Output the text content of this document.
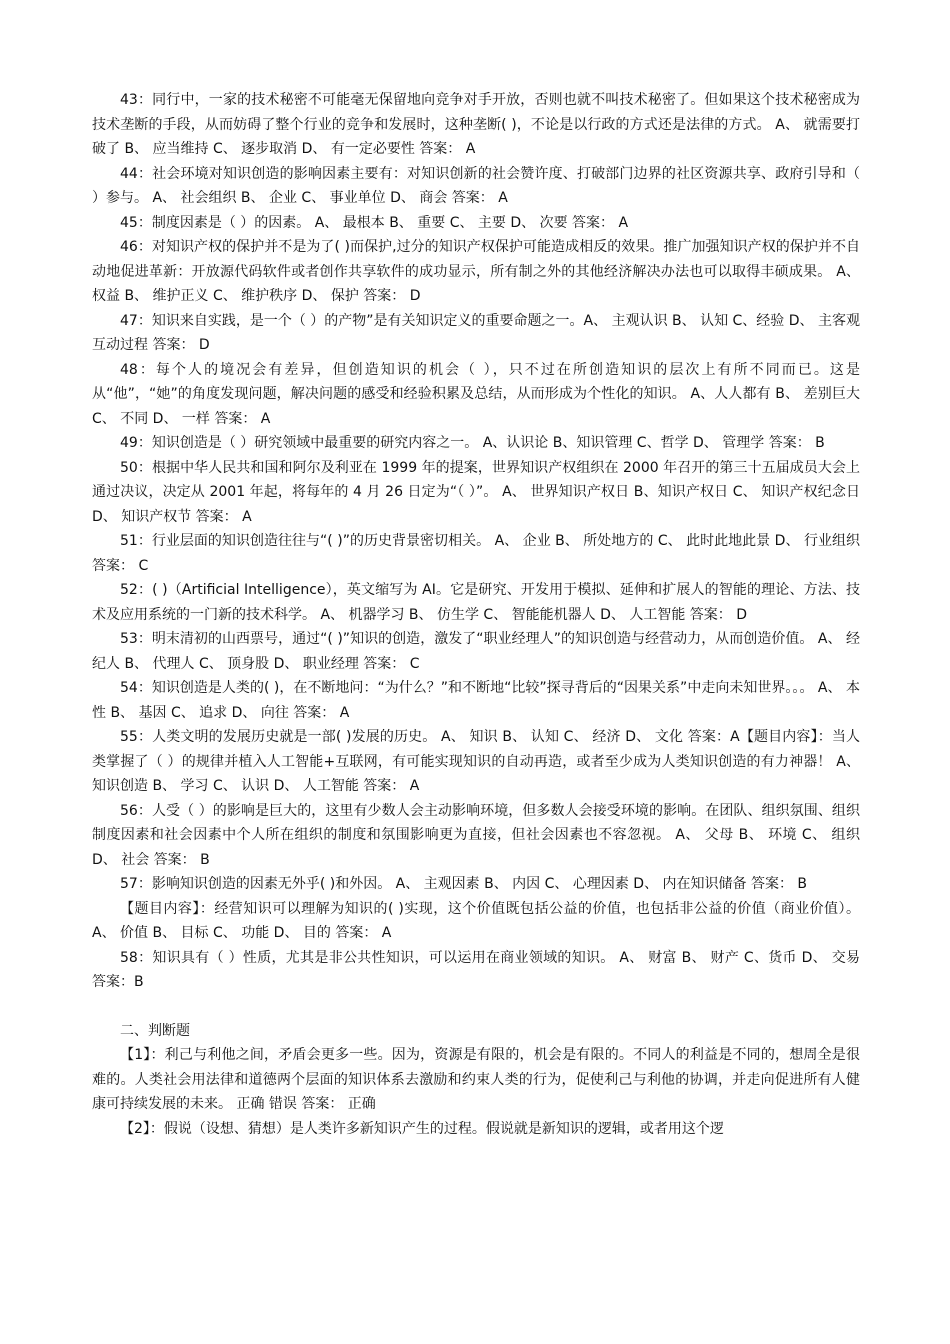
43：同行中，一家的技术秘密不可能毫无保留地向竞争对手开放，否则也就不叫技术秘密了。但如果这个技术秘密成为技术垄断的手段，从而妨碍了整个行业的竞争和发展时，这种垄断( )，不论是以行政的方式还是法律的方式。 A、 就需要打破了 B、 应当维持 C、 逐步取消 D、 有一定必要性 答案： A

44：社会环境对知识创造的影响因素主要有：对知识创新的社会赞许度、打破部门边界的社区资源共享、政府引导和（ ）参与。 A、 社会组织 B、 企业 C、 事业单位 D、 商会 答案： A

45：制度因素是（ ）的因素。 A、 最根本 B、 重要 C、 主要 D、 次要 答案： A

46：对知识产权的保护并不是为了( )而保护,过分的知识产权保护可能造成相反的效果。推广加强知识产权的保护并不自动地促进革新：开放源代码软件或者创作共享软件的成功显示，所有制之外的其他经济解决办法也可以取得丰硕成果。 A、 权益 B、 维护正义 C、 维护秩序 D、 保护 答案： D

47：知识来自实践，是一个（ ）的产物”是有关知识定义的重要命题之一。A、 主观认识 B、 认知 C、经验 D、 主客观互动过程 答案： D

48：每个人的境况会有差异，但创造知识的机会（ ），只不过在所创造知识的层次上有所不同而已。这是从“他”，“她”的角度发现问题，解决问题的感受和经验积累及总结，从而形成为个性化的知识。 A、人人都有 B、 差别巨大 C、 不同 D、 一样 答案： A

49：知识创造是（ ）研究领域中最重要的研究内容之一。 A、认识论 B、知识管理 C、哲学 D、 管理学 答案： B

50：根据中华人民共和国和阿尔及利亚在 1999 年的提案，世界知识产权组织在 2000 年召开的第三十五届成员大会上通过决议，决定从 2001 年起，将每年的 4 月 26 日定为“（ ）”。 A、 世界知识产权日 B、知识产权日 C、 知识产权纪念日 D、 知识产权节 答案： A

51：行业层面的知识创造往往与“( )”的历史背景密切相关。 A、 企业 B、 所处地方的 C、 此时此地此景 D、 行业组织 答案： C

52：( )（Artificial Intelligence），英文缩写为 AI。它是研究、开发用于模拟、延伸和扩展人的智能的理论、方法、技术及应用系统的一门新的技术科学。 A、 机器学习 B、 仿生学 C、 智能能机器人 D、 人工智能 答案： D

53：明末清初的山西票号，通过“( )”知识的创造，激发了“职业经理人”的知识创造与经营动力，从而创造价值。 A、 经纪人 B、 代理人 C、 顶身股 D、 职业经理 答案： C

54：知识创造是人类的( )，在不断地问：“为什么？”和不断地“比较”探寻背后的“因果关系”中走向未知世界。。。 A、 本性 B、 基因 C、 追求 D、 向往 答案： A

55：人类文明的发展历史就是一部( )发展的历史。 A、 知识 B、 认知 C、 经济 D、 文化 答案：A【题目内容】：当人类掌握了（ ）的规律并植入人工智能+互联网，有可能实现知识的自动再造，或者至少成为人类知识创造的有力神器！ A、 知识创造 B、 学习 C、 认识 D、 人工智能 答案： A

56：人受（ ）的影响是巨大的，这里有少数人会主动影响环境，但多数人会接受环境的影响。在团队、组织氛围、组织制度因素和社会因素中个人所在组织的制度和氛围影响更为直接，但社会因素也不容忽视。 A、 父母 B、 环境 C、 组织 D、 社会 答案： B

57：影响知识创造的因素无外乎( )和外因。 A、 主观因素 B、 内因 C、 心理因素 D、 内在知识储备 答案： B

【题目内容】：经营知识可以理解为知识的( )实现，这个价值既包括公益的价值，也包括非公益的价值（商业价值）。 A、 价值 B、 目标 C、 功能 D、 目的 答案： A

58：知识具有（ ）性质，尤其是非公共性知识，可以运用在商业领域的知识。 A、 财富 B、 财产 C、货币 D、 交易 答案：B

二、判断题

【1】：利己与利他之间，矛盾会更多一些。因为，资源是有限的，机会是有限的。不同人的利益是不同的，想周全是很难的。人类社会用法律和道德两个层面的知识体系去激励和约束人类的行为，促使利己与利他的协调，并走向促进所有人健康可持续发展的未来。 正确 错误 答案： 正确

【2】：假说（设想、猜想）是人类许多新知识产生的过程。假说就是新知识的逻辑，或者用这个逻
